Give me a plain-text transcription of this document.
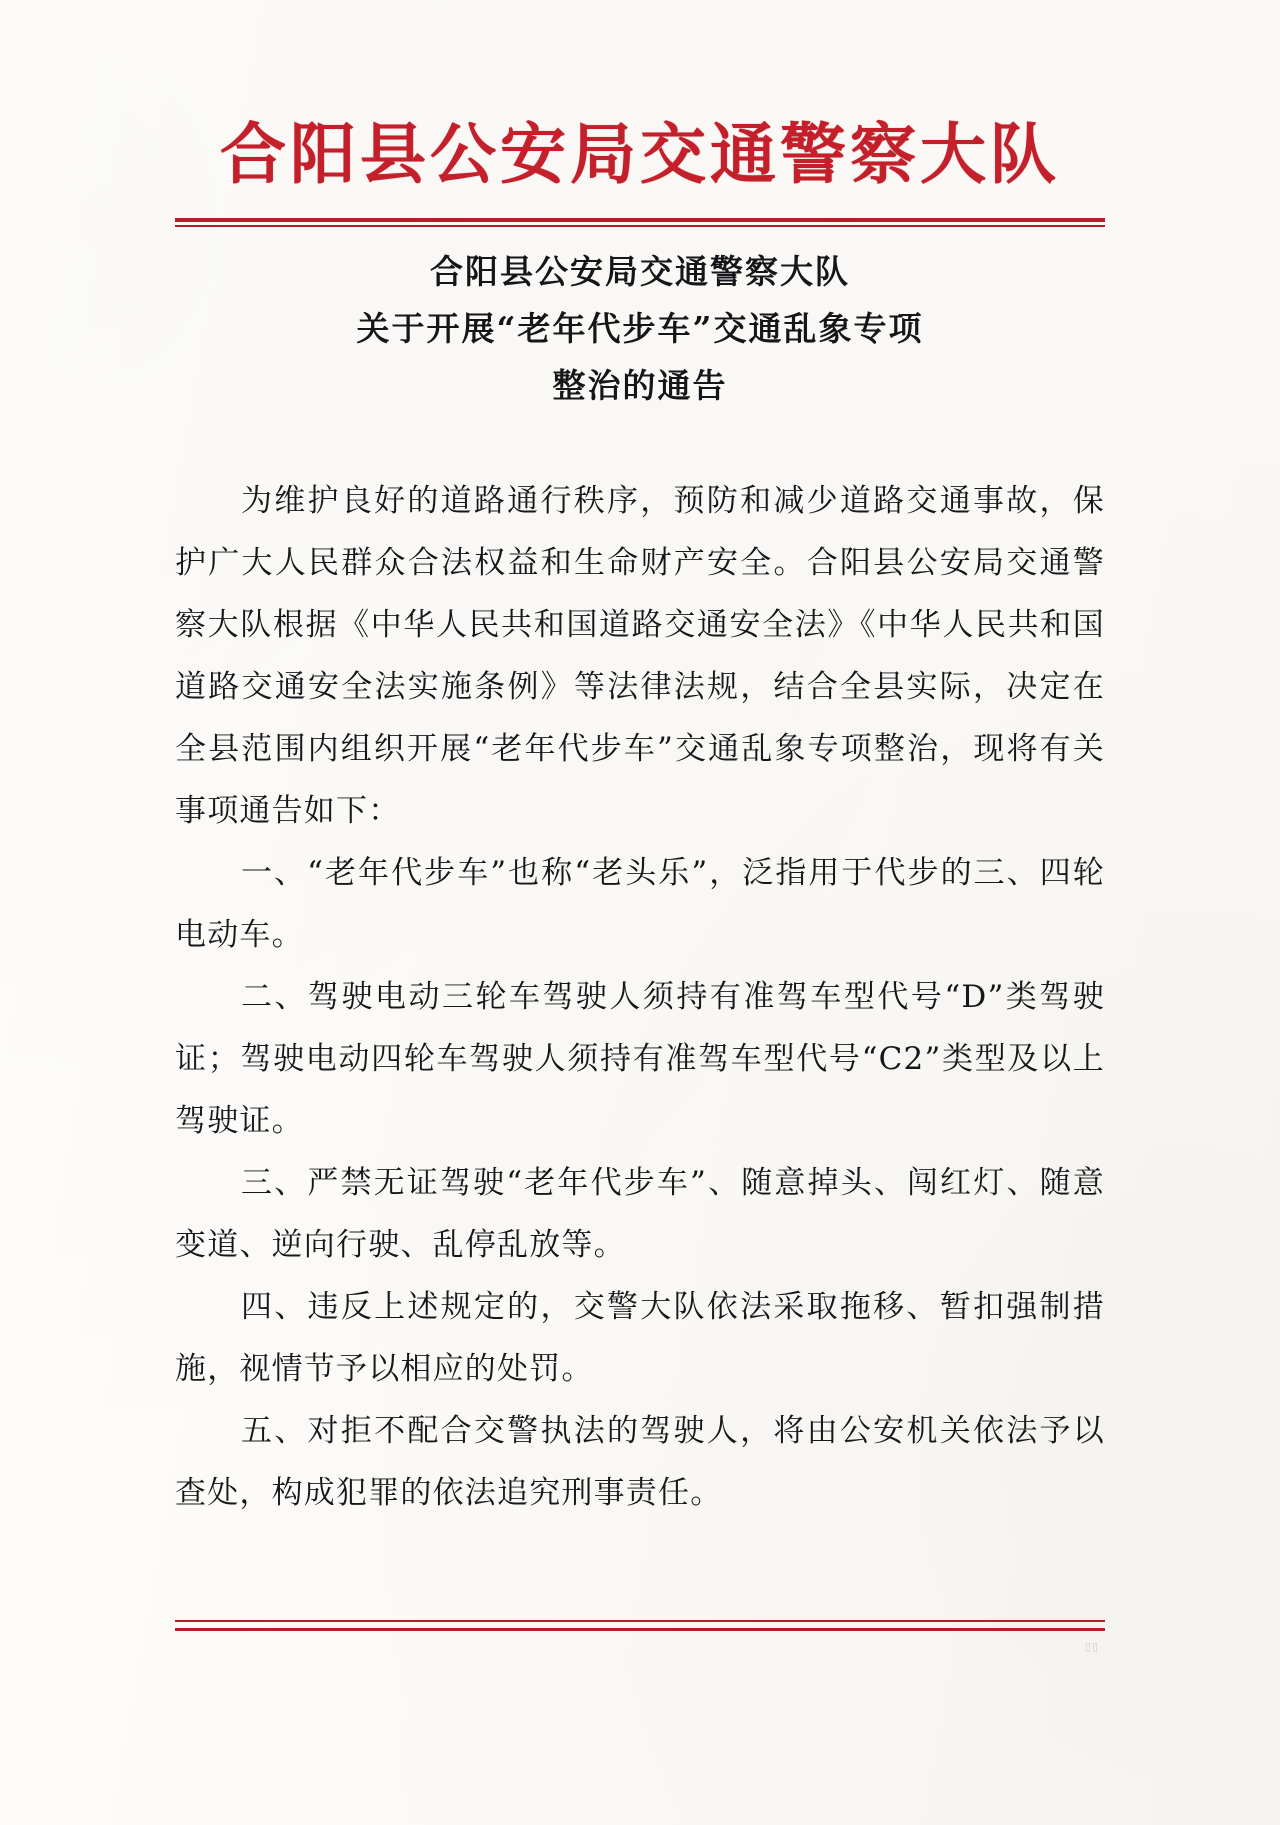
合阳县公安局交通警察大队
合阳县公安局交通警察大队
关于开展“老年代步车”交通乱象专项
整治的通告

为维护良好的道路通行秩序，预防和减少道路交通事故，保护广大人民群众合法权益和生命财产安全。合阳县公安局交通警察大队根据《中华人民共和国道路交通安全法》《中华人民共和国道路交通安全法实施条例》等法律法规，结合全县实际，决定在全县范围内组织开展“老年代步车”交通乱象专项整治，现将有关事项通告如下：

一、“老年代步车”也称“老头乐”，泛指用于代步的三、四轮电动车。

二、驾驶电动三轮车驾驶人须持有准驾车型代号“D”类驾驶证；驾驶电动四轮车驾驶人须持有准驾车型代号“C2”类型及以上驾驶证。

三、严禁无证驾驶“老年代步车”、随意掉头、闯红灯、随意变道、逆向行驶、乱停乱放等。

四、违反上述规定的，交警大队依法采取拖移、暂扣强制措施，视情节予以相应的处罚。

五、对拒不配合交警执法的驾驶人，将由公安机关依法予以查处，构成犯罪的依法追究刑事责任。

▯▯
